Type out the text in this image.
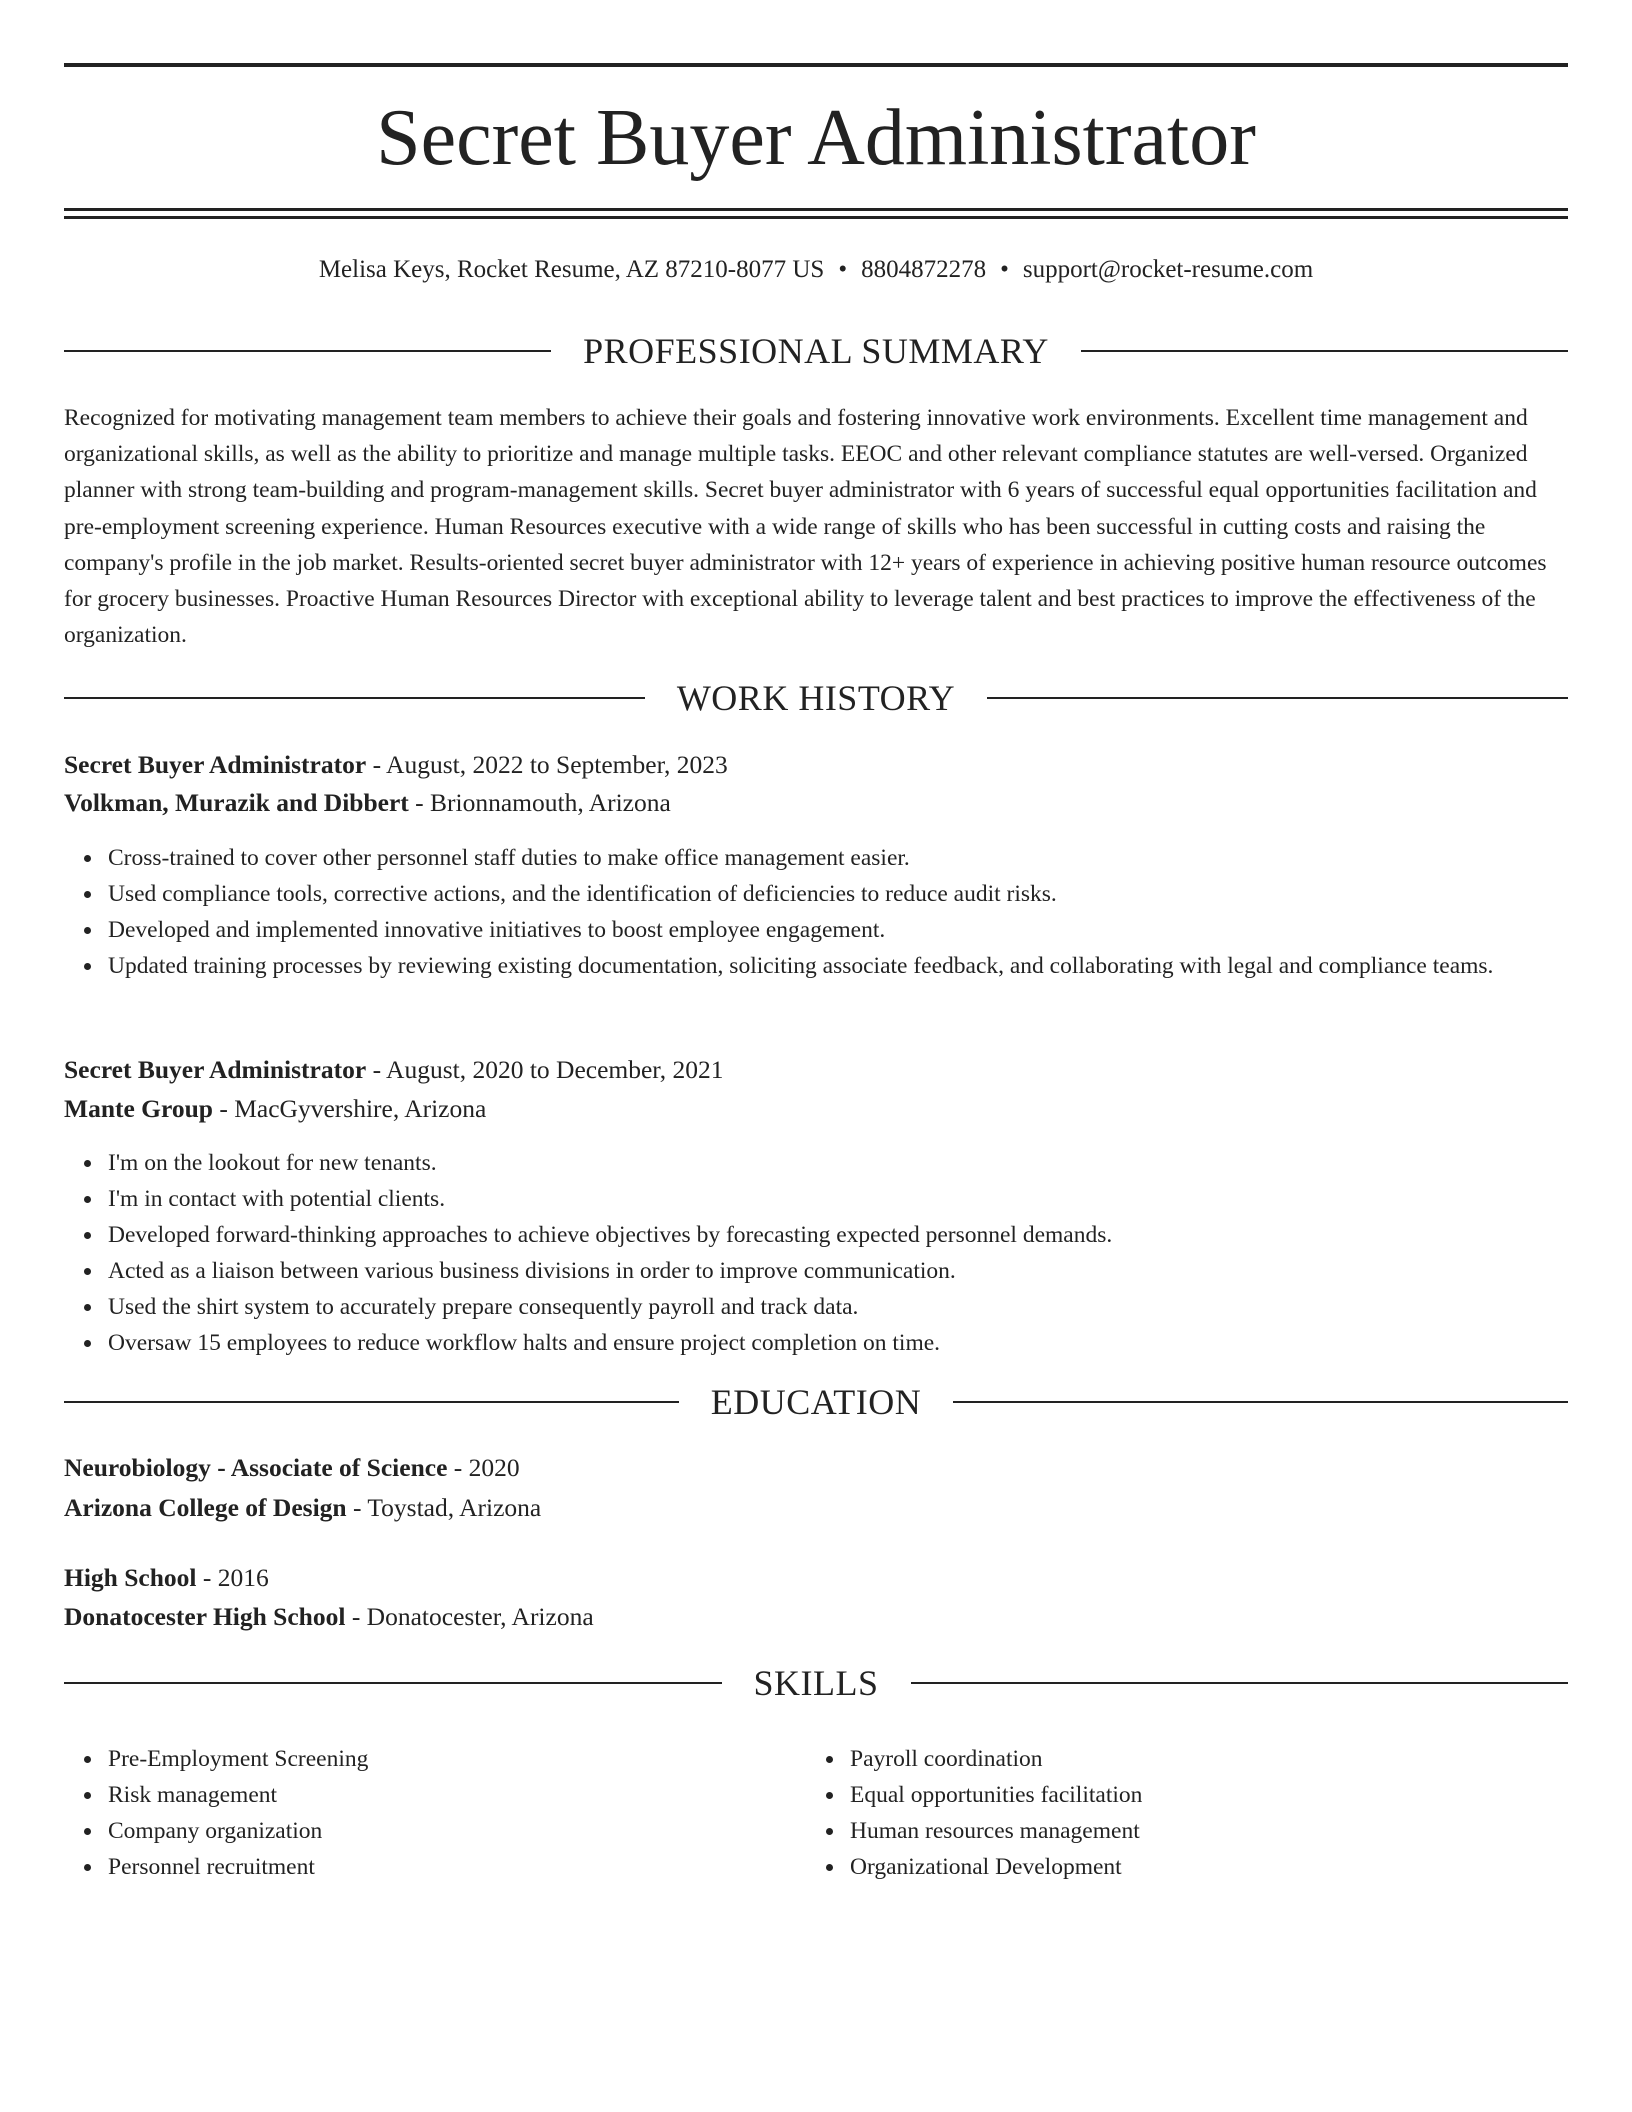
Secret Buyer Administrator
Melisa Keys, Rocket Resume, AZ 87210-8077 US • 8804872278 • support@rocket-resume.com
PROFESSIONAL SUMMARY

Recognized for motivating management team members to achieve their goals and fostering innovative work environments. Excellent time management and organizational skills, as well as the ability to prioritize and manage multiple tasks. EEOC and other relevant compliance statutes are well-versed. Organized planner with strong team-building and program-management skills. Secret buyer administrator with 6 years of successful equal opportunities facilitation and pre-employment screening experience. Human Resources executive with a wide range of skills who has been successful in cutting costs and raising the company's profile in the job market. Results-oriented secret buyer administrator with 12+ years of experience in achieving positive human resource outcomes for grocery businesses. Proactive Human Resources Director with exceptional ability to leverage talent and best practices to improve the effectiveness of the organization.

WORK HISTORY
Secret Buyer Administrator - August, 2022 to September, 2023
Volkman, Murazik and Dibbert - Brionnamouth, Arizona
Cross-trained to cover other personnel staff duties to make office management easier.
Used compliance tools, corrective actions, and the identification of deficiencies to reduce audit risks.
Developed and implemented innovative initiatives to boost employee engagement.
Updated training processes by reviewing existing documentation, soliciting associate feedback, and collaborating with legal and compliance teams.
Secret Buyer Administrator - August, 2020 to December, 2021
Mante Group - MacGyvershire, Arizona
I'm on the lookout for new tenants.
I'm in contact with potential clients.
Developed forward-thinking approaches to achieve objectives by forecasting expected personnel demands.
Acted as a liaison between various business divisions in order to improve communication.
Used the shirt system to accurately prepare consequently payroll and track data.
Oversaw 15 employees to reduce workflow halts and ensure project completion on time.
EDUCATION
Neurobiology - Associate of Science - 2020
Arizona College of Design - Toystad, Arizona
High School - 2016
Donatocester High School - Donatocester, Arizona
SKILLS
Pre-Employment Screening
Risk management
Company organization
Personnel recruitment
Payroll coordination
Equal opportunities facilitation
Human resources management
Organizational Development
